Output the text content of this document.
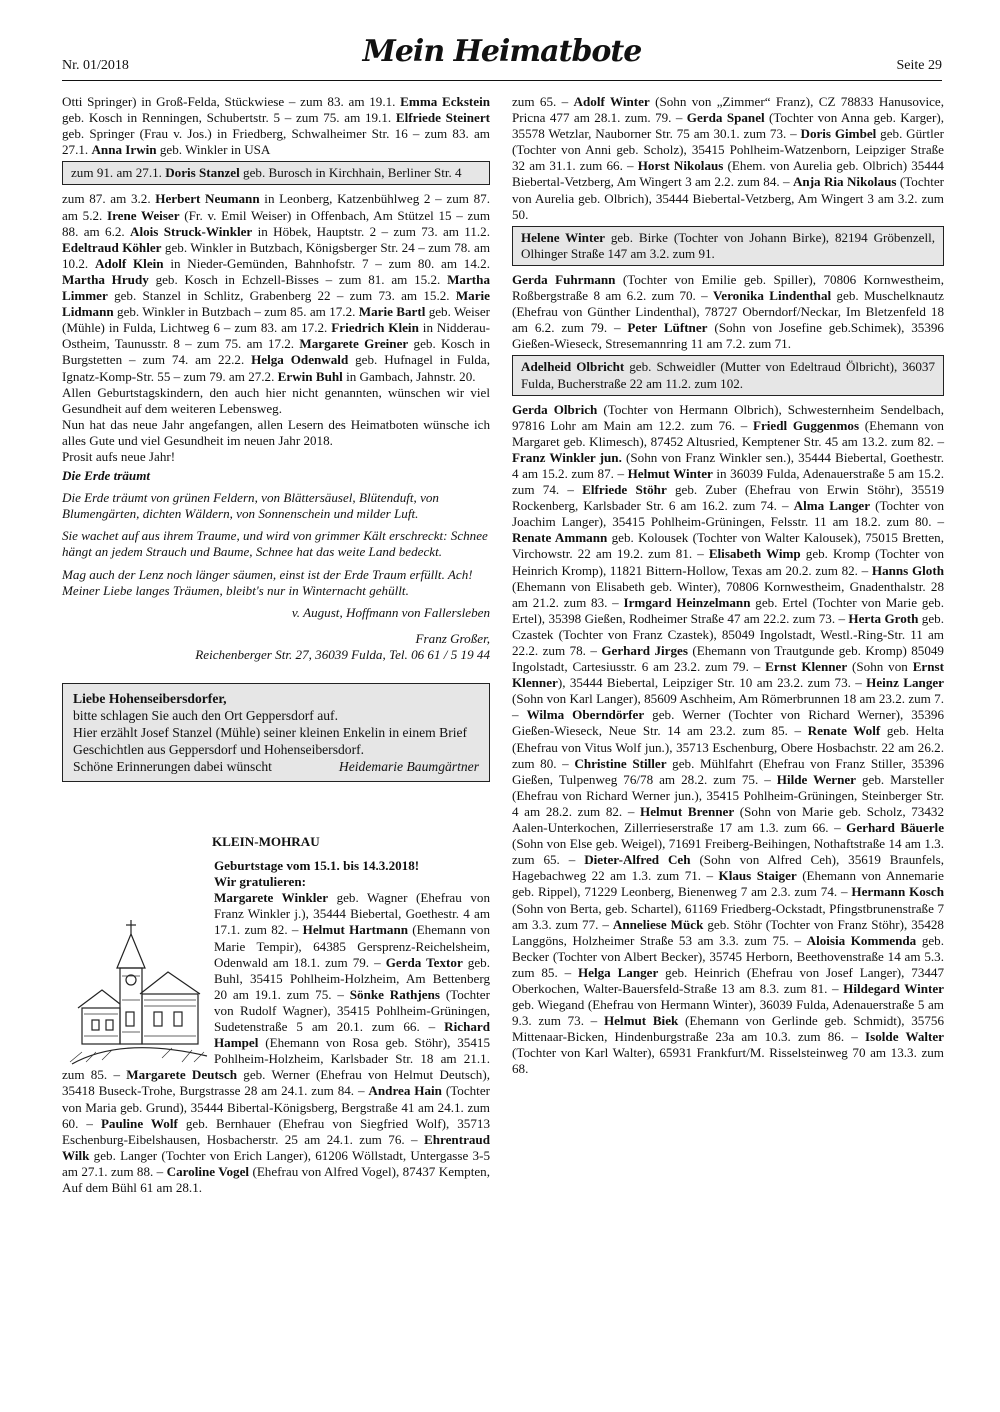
Nr. 01/2018	Mein Heimatbote	Seite 29

Otti Springer) in Groß-Felda, Stückwiese – zum 83. am 19.1. Emma Eckstein geb. Kosch in Renningen, Schubertstr. 5 – zum 75. am 19.1. Elfriede Steinert geb. Springer (Frau v. Jos.) in Friedberg, Schwalheimer Str. 16 – zum 83. am 27.1. Anna Irwin geb. Winkler in USA

zum 91. am 27.1. Doris Stanzel geb. Burosch in Kirchhain, Berliner Str. 4

zum 87. am 3.2. Herbert Neumann in Leonberg, Katzenbühlweg 2 – zum 87. am 5.2. Irene Weiser (Fr. v. Emil Weiser) in Offenbach, Am Stützel 15 – zum 88. am 6.2. Alois Struck-Winkler in Höbek, Hauptstr. 2 – zum 73. am 11.2. Edeltraud Köhler geb. Winkler in Butzbach, Königsberger Str. 24 – zum 78. am 10.2. Adolf Klein in Nieder-Gemünden, Bahnhofstr. 7 – zum 80. am 14.2. Martha Hrudy geb. Kosch in Echzell-Bisses – zum 81. am 15.2. Martha Limmer geb. Stanzel in Schlitz, Grabenberg 22 – zum 73. am 15.2. Marie Lidmann geb. Winkler in Butzbach – zum 85. am 17.2. Marie Bartl geb. Weiser (Mühle) in Fulda, Lichtweg 6 – zum 83. am 17.2. Friedrich Klein in Nidderau-Ostheim, Taunusstr. 8 – zum 75. am 17.2. Margarete Greiner geb. Kosch in Burgstetten – zum 74. am 22.2. Helga Odenwald geb. Hufnagel in Fulda, Ignatz-Komp-Str. 55 – zum 79. am 27.2. Erwin Buhl in Gambach, Jahnstr. 20.

Allen Geburtstagskindern, den auch hier nicht genannten, wünschen wir viel Gesundheit auf dem weiteren Lebensweg.

Nun hat das neue Jahr angefangen, allen Lesern des Heimatboten wünsche ich alles Gute und viel Gesundheit im neuen Jahr 2018.

Prosit aufs neue Jahr!

Die Erde träumt

Die Erde träumt von grünen Feldern, von Blättersäusel, Blütenduft, von Blumengärten, dichten Wäldern, von Sonnenschein und milder Luft.

Sie wachet auf aus ihrem Traume, und wird von grimmer Kält erschreckt: Schnee hängt an jedem Strauch und Baume, Schnee hat das weite Land bedeckt.

Mag auch der Lenz noch länger säumen, einst ist der Erde Traum erfüllt. Ach! Meiner Liebe langes Träumen, bleibt's nur in Winternacht gehüllt.

v. August, Hoffmann von Fallersleben

Franz Großer,

Reichenberger Str. 27, 36039 Fulda, Tel. 06 61 / 5 19 44

Liebe Hohenseibersdorfer,

bitte schlagen Sie auch den Ort Geppersdorf auf.

Hier erzählt Josef Stanzel (Mühle) seiner kleinen Enkelin in einem Brief Geschichtlen aus Geppersdorf und Hohenseibersdorf.

Schöne Erinnerungen dabei wünscht	Heidemarie Baumgärtner

KLEIN-MOHRAU

Geburtstage vom 15.1. bis 14.3.2018!

Wir gratulieren:

Margarete Winkler geb. Wagner (Ehefrau von Franz Winkler j.), 35444 Biebertal, Goethestr. 4 am 17.1. zum 82. – Helmut Hartmann (Ehemann von Marie Tempir), 64385 Gersprenz-Reichelsheim, Odenwald am 18.1. zum 79. – Gerda Textor geb. Buhl, 35415 Pohlheim-Holzheim, Am Bettenberg 20 am 19.1. zum 75. – Sönke Rathjens (Tochter von Rudolf Wagner), 35415 Pohlheim-Grüningen, Sudetenstraße 5 am 20.1. zum 66. – Richard Hampel (Ehemann von Rosa geb. Stöhr), 35415 Pohlheim-Holzheim, Karlsbader Str. 18 am 21.1. zum 85. – Margarete Deutsch geb. Werner (Ehefrau von Helmut Deutsch), 35418 Buseck-Trohe, Burgstrasse 28 am 24.1. zum 84. – Andrea Hain (Tochter von Maria geb. Grund), 35444 Bibertal-Königsberg, Bergstraße 41 am 24.1. zum 60. – Pauline Wolf geb. Bernhauer (Ehefrau von Siegfried Wolf), 35713 Eschenburg-Eibelshausen, Hosbacherstr. 25 am 24.1. zum 76. – Ehrentraud Wilk geb. Langer (Tochter von Erich Langer), 61206 Wöllstadt, Untergasse 3-5 am 27.1. zum 88. – Caroline Vogel (Ehefrau von Alfred Vogel), 87437 Kempten, Auf dem Bühl 61 am 28.1.

zum 65. – Adolf Winter (Sohn von „Zimmer“ Franz), CZ 78833 Hanusovice, Pricna 477 am 28.1. zum. 79. – Gerda Spanel (Tochter von Anna geb. Karger), 35578 Wetzlar, Nauborner Str. 75 am 30.1. zum 73. – Doris Gimbel geb. Gürtler (Tochter von Anni geb. Scholz), 35415 Pohlheim-Watzenborn, Leipziger Straße 32 am 31.1. zum 66. – Horst Nikolaus (Ehem. von Aurelia geb. Olbrich) 35444 Biebertal-Vetzberg, Am Wingert 3 am 2.2. zum 84. – Anja Ria Nikolaus (Tochter von Aurelia geb. Olbrich), 35444 Biebertal-Vetzberg, Am Wingert 3 am 3.2. zum 50.

Helene Winter geb. Birke (Tochter von Johann Birke), 82194 Gröbenzell, Olhinger Straße 147 am 3.2. zum 91.

Gerda Fuhrmann (Tochter von Emilie geb. Spiller), 70806 Kornwestheim, Roßbergstraße 8 am 6.2. zum 70. – Veronika Lindenthal geb. Muschelknautz (Ehefrau von Günther Lindenthal), 78727 Oberndorf/Neckar, Im Bletzenfeld 18 am 6.2. zum 79. – Peter Lüftner (Sohn von Josefine geb.Schimek), 35396 Gießen-Wieseck, Stresemannring 11 am 7.2. zum 71.

Adelheid Olbricht geb. Schweidler (Mutter von Edeltraud Ölbricht), 36037 Fulda, Bucherstraße 22 am 11.2. zum 102.

Gerda Olbrich (Tochter von Hermann Olbrich), Schwesternheim Sendelbach, 97816 Lohr am Main am 12.2. zum 76. – Friedl Guggenmos (Ehemann von Margaret geb. Klimesch), 87452 Altusried, Kemptener Str. 45 am 13.2. zum 82. – Franz Winkler jun. (Sohn von Franz Winkler sen.), 35444 Biebertal, Goethestr. 4 am 15.2. zum 87. – Helmut Winter in 36039 Fulda, Adenauerstraße 5 am 15.2. zum 74. – Elfriede Stöhr geb. Zuber (Ehefrau von Erwin Stöhr), 35519 Rockenberg, Karlsbader Str. 6 am 16.2. zum 74. – Alma Langer (Tochter von Joachim Langer), 35415 Pohlheim-Grüningen, Felsstr. 11 am 18.2. zum 80. – Renate Ammann geb. Kolousek (Tochter von Walter Kalousek), 75015 Bretten, Virchowstr. 22 am 19.2. zum 81. – Elisabeth Wimp geb. Kromp (Tochter von Heinrich Kromp), 11821 Bittern-Hollow, Texas am 20.2. zum 82. – Hanns Gloth (Ehemann von Elisabeth geb. Winter), 70806 Kornwestheim, Gnadenthalstr. 28 am 21.2. zum 83. – Irmgard Heinzelmann geb. Ertel (Tochter von Marie geb. Ertel), 35398 Gießen, Rodheimer Straße 47 am 22.2. zum 73. – Herta Groth geb. Czastek (Tochter von Franz Czastek), 85049 Ingolstadt, Westl.-Ring-Str. 11 am 22.2. zum 78. – Gerhard Jirges (Ehemann von Trautgunde geb. Kromp) 85049 Ingolstadt, Cartesiusstr. 6 am 23.2. zum 79. – Ernst Klenner (Sohn von Ernst Klenner), 35444 Biebertal, Leipziger Str. 10 am 23.2. zum 73. – Heinz Langer (Sohn von Karl Langer), 85609 Aschheim, Am Römerbrunnen 18 am 23.2. zum 7. – Wilma Oberndörfer geb. Werner (Tochter von Richard Werner), 35396 Gießen-Wieseck, Neue Str. 14 am 23.2. zum 85. – Renate Wolf geb. Helta (Ehefrau von Vitus Wolf jun.), 35713 Eschenburg, Obere Hosbachstr. 22 am 26.2. zum 80. – Christine Stiller geb. Mühlfahrt (Ehefrau von Franz Stiller, 35396 Gießen, Tulpenweg 76/78 am 28.2. zum 75. – Hilde Werner geb. Marsteller (Ehefrau von Richard Werner jun.), 35415 Pohlheim-Grüningen, Steinberger Str. 4 am 28.2. zum 82. – Helmut Brenner (Sohn von Marie geb. Scholz, 73432 Aalen-Unterkochen, Zillerrieserstraße 17 am 1.3. zum 66. – Gerhard Bäuerle (Sohn von Else geb. Weigel), 71691 Freiberg-Beihingen, Nothaftstraße 14 am 1.3. zum 65. – Dieter-Alfred Ceh (Sohn von Alfred Ceh), 35619 Braunfels, Hagebachweg 22 am 1.3. zum 71. – Klaus Staiger (Ehemann von Annemarie geb. Rippel), 71229 Leonberg, Bienenweg 7 am 2.3. zum 74. – Hermann Kosch (Sohn von Berta, geb. Schartel), 61169 Friedberg-Ockstadt, Pfingstbrunenstraße 7 am 3.3. zum 77. – Anneliese Mück geb. Stöhr (Tochter von Franz Stöhr), 35428 Langgöns, Holzheimer Straße 53 am 3.3. zum 75. – Aloisia Kommenda geb. Becker (Tochter von Albert Becker), 35745 Herborn, Beethovenstraße 14 am 5.3. zum 85. – Helga Langer geb. Heinrich (Ehefrau von Josef Langer), 73447 Oberkochen, Walter-Bauersfeld-Straße 13 am 8.3. zum 81. – Hildegard Winter geb. Wiegand (Ehefrau von Hermann Winter), 36039 Fulda, Adenauerstraße 5 am 9.3. zum 73. – Helmut Biek (Ehemann von Gerlinde geb. Schmidt), 35756 Mittenaar-Bicken, Hindenburgstraße 23a am 10.3. zum 86. – Isolde Walter (Tochter von Karl Walter), 65931 Frankfurt/M. Risselsteinweg 70 am 13.3. zum 68.
